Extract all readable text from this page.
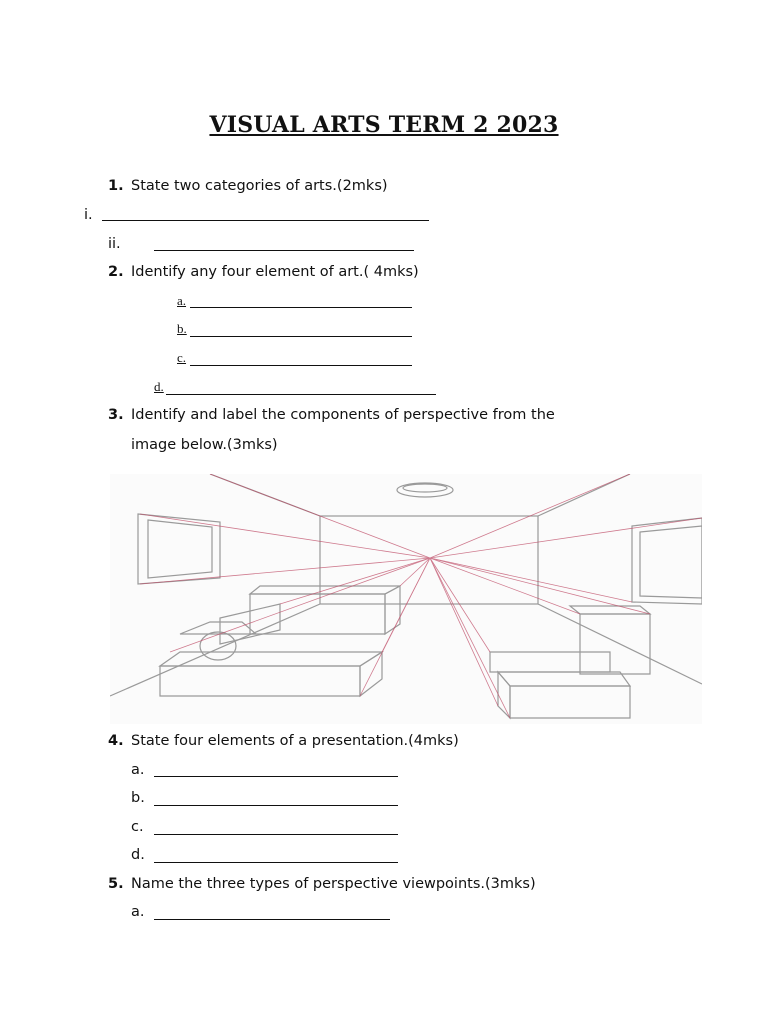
VISUAL ARTS TERM 2 2023
1. State two categories of arts.(2mks)
i.
ii.
2. Identify any four element of art.( 4mks)
a.
b.
c.
d.
3. Identify and label the components of perspective from the
image below.(3mks)
4. State four elements of a presentation.(4mks)
a.
b.
c.
d.
5. Name the three types of perspective viewpoints.(3mks)
a.
